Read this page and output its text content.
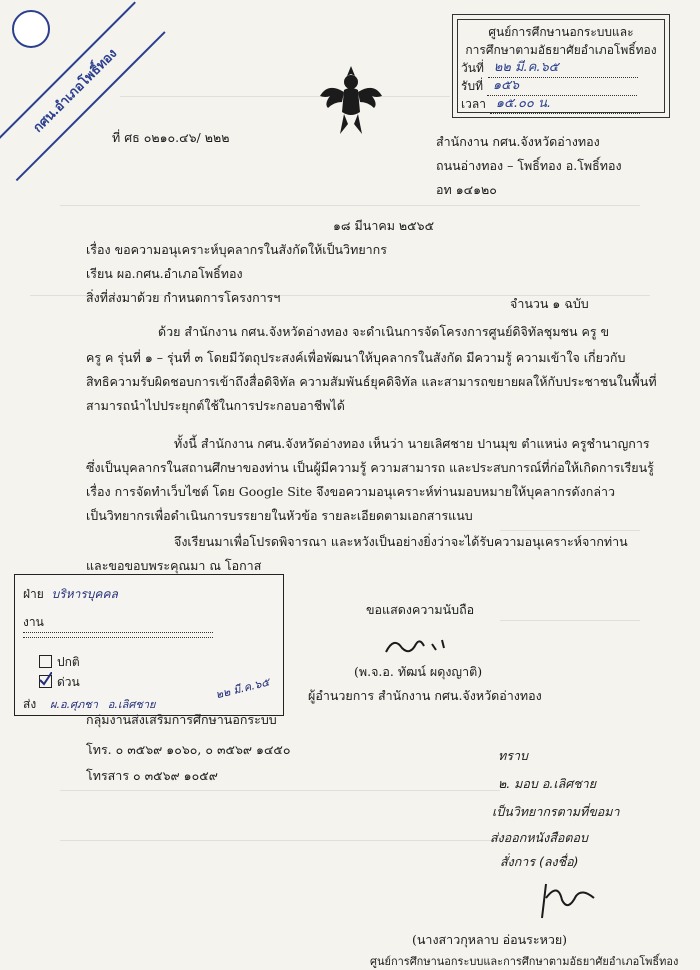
กศน.อำเภอโพธิ์ทอง
ศูนย์การศึกษานอกระบบและ
การศึกษาตามอัธยาศัยอำเภอโพธิ์ทอง
วันที่ ๒๒ มี.ค.๖๕
รับที่ ๑๕๖
เวลา ๑๕.๐๐ น.
ที่ ศธ ๐๒๑๐.๔๖/ ๒๒๒	สำนักงาน กศน.จังหวัดอ่างทอง
ถนนอ่างทอง – โพธิ์ทอง อ.โพธิ์ทอง
อท ๑๔๑๒๐
๑๘ มีนาคม ๒๕๖๕
เรื่อง ขอความอนุเคราะห์บุคลากรในสังกัดให้เป็นวิทยากร
เรียน ผอ.กศน.อำเภอโพธิ์ทอง
สิ่งที่ส่งมาด้วย กำหนดการโครงการฯ	จำนวน ๑ ฉบับ
ด้วย สำนักงาน กศน.จังหวัดอ่างทอง จะดำเนินการจัดโครงการศูนย์ดิจิทัลชุมชน ครู ข
ครู ค รุ่นที่ ๑ – รุ่นที่ ๓ โดยมีวัตถุประสงค์เพื่อพัฒนาให้บุคลากรในสังกัด มีความรู้ ความเข้าใจ เกี่ยวกับ
สิทธิความรับผิดชอบการเข้าถึงสื่อดิจิทัล ความสัมพันธ์ยุคดิจิทัล และสามารถขยายผลให้กับประชาชนในพื้นที่
สามารถนำไปประยุกต์ใช้ในการประกอบอาชีพได้
ทั้งนี้ สำนักงาน กศน.จังหวัดอ่างทอง เห็นว่า นายเลิศชาย ปานมุข ตำแหน่ง ครูชำนาญการ
ซึ่งเป็นบุคลากรในสถานศึกษาของท่าน เป็นผู้มีความรู้ ความสามารถ และประสบการณ์ที่ก่อให้เกิดการเรียนรู้
เรื่อง การจัดทำเว็บไซต์ โดย Google Site จึงขอความอนุเคราะห์ท่านมอบหมายให้บุคลากรดังกล่าว
เป็นวิทยากรเพื่อดำเนินการบรรยายในหัวข้อ รายละเอียดตามเอกสารแนบ
จึงเรียนมาเพื่อโปรดพิจารณา และหวังเป็นอย่างยิ่งว่าจะได้รับความอนุเคราะห์จากท่าน
และขอขอบพระคุณมา ณ โอกาส
ขอแสดงความนับถือ
(พ.จ.อ. ทัฒน์ ผดุงญาติ)
ผู้อำนวยการ สำนักงาน กศน.จังหวัดอ่างทอง
กลุ่มงานส่งเสริมการศึกษานอกระบบ
โทร. ๐ ๓๕๖๙ ๑๐๖๐, ๐ ๓๕๖๙ ๑๔๕๐
โทรสาร ๐ ๓๕๖๙ ๑๐๕๙
ฝ่าย บริหารบุคคล
งาน
ปกติ
ด่วน
ส่ง ผ.อ.ศุภชา อ.เลิศชาย
๒๒ มี.ค.๖๕
ทราบ
๒. มอบ อ.เลิศชาย
เป็นวิทยากรตามที่ขอมา
ส่งออกหนังสือตอบ
สั่งการ (ลงชื่อ)
(นางสาวกุหลาบ อ่อนระหวย)
ศูนย์การศึกษานอกระบบและการศึกษาตามอัธยาศัยอำเภอโพธิ์ทอง
